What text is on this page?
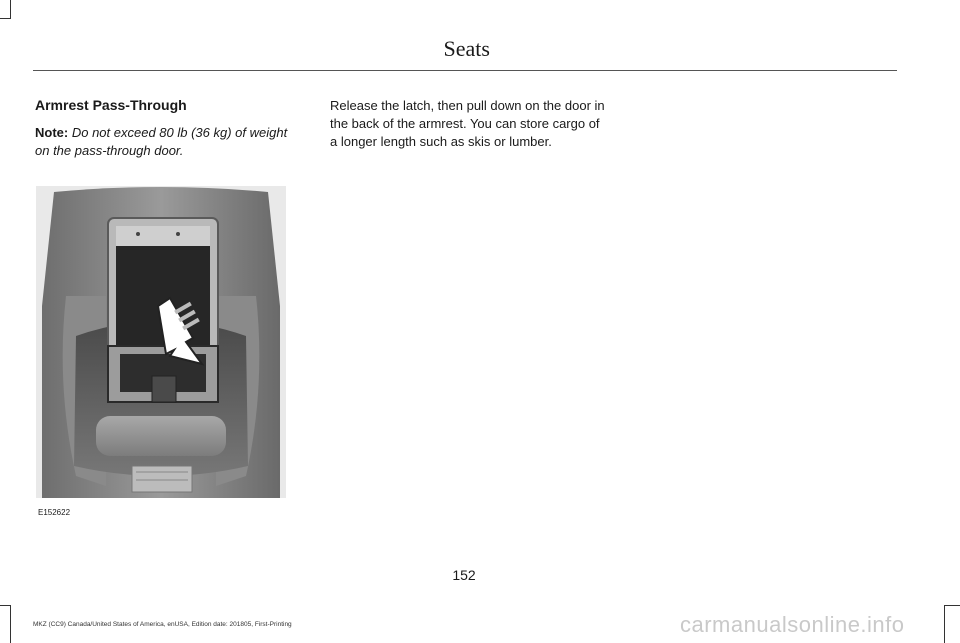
Seats
Armrest Pass-Through
Note: Do not exceed 80 lb (36 kg) of weight on the pass-through door.
Release the latch, then pull down on the door in the back of the armrest. You can store cargo of a longer length such as skis or lumber.
E152622
152
MKZ (CC9) Canada/United States of America, enUSA, Edition date: 201805, First-Printing	carmanualsonline.info
